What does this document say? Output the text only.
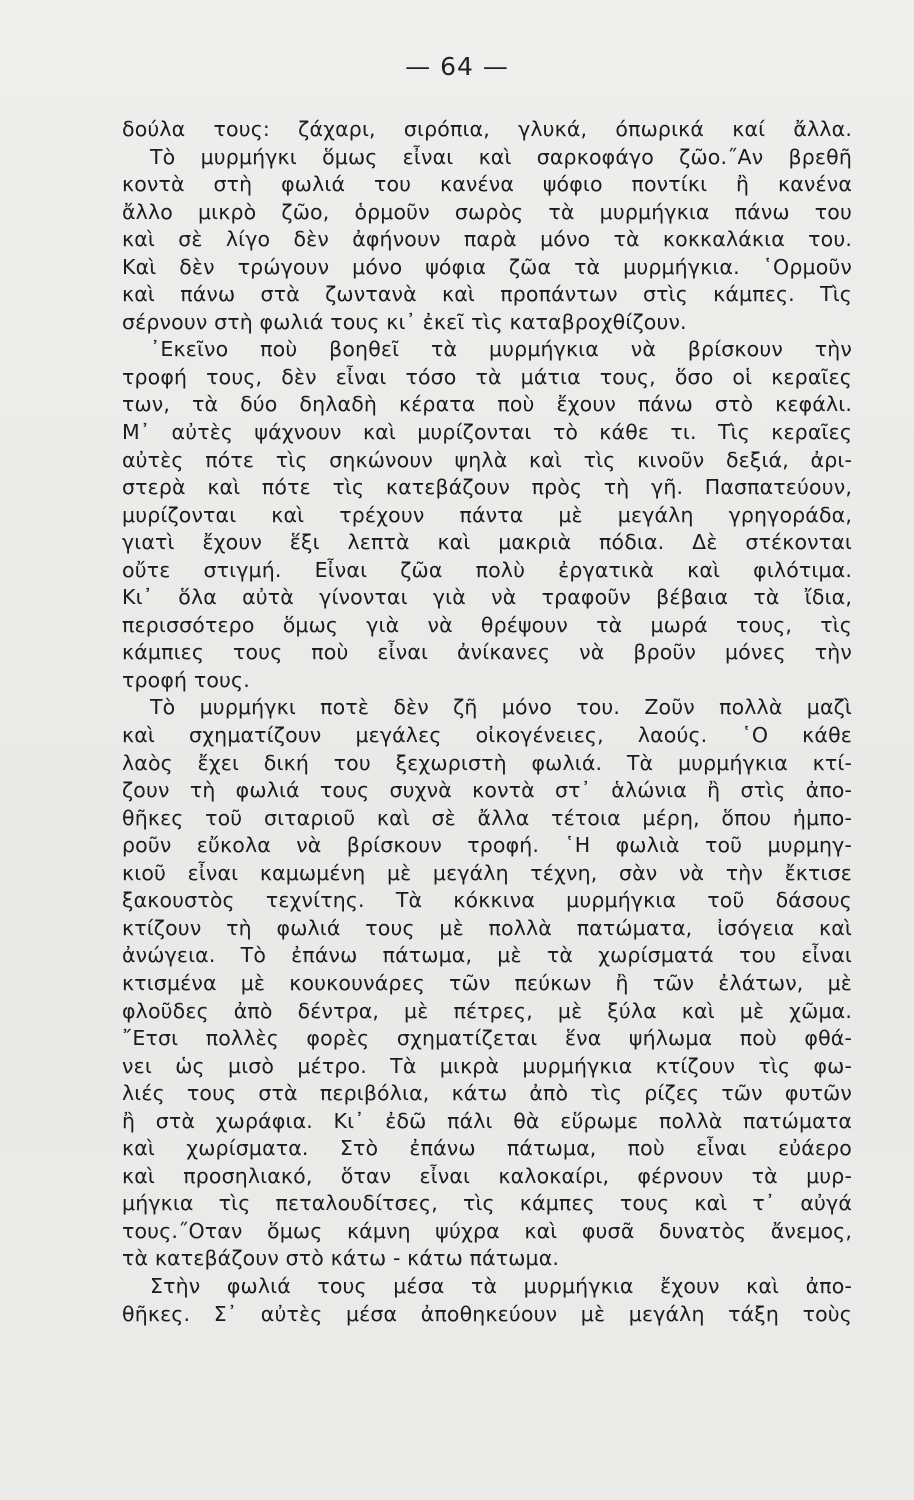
— 64 —
δούλα τους: ζάχαρι, σιρόπια, γλυκά, όπωρικά καί ἄλλα.
Τὸ μυρμήγκι ὅμως εἶναι καὶ σαρκοφάγο ζῶο.˝Αν βρεθῆ
κοντὰ στὴ φωλιά του κανένα ψόφιο ποντίκι ἢ κανένα
ἄλλο μικρὸ ζῶο, ὁρμοῦν σωρὸς τὰ μυρμήγκια πάνω του
καὶ σὲ λίγο δὲν ἀφήνουν παρὰ μόνο τὰ κοκκαλάκια του.
Καὶ δὲν τρώγουν μόνο ψόφια ζῶα τὰ μυρμήγκια. ῾Ορμοῦν
καὶ πάνω στὰ ζωντανὰ καὶ προπάντων στὶς κάμπες. Τὶς
σέρνουν στὴ φωλιά τους κι᾽ ἐκεῖ τὶς καταβροχθίζουν.
᾽Εκεῖνο ποὺ βοηθεῖ τὰ μυρμήγκια νὰ βρίσκουν τὴν
τροφή τους, δὲν εἶναι τόσο τὰ μάτια τους, ὅσο οἱ κεραῖες
των, τὰ δύο δηλαδὴ κέρατα ποὺ ἔχουν πάνω στὸ κεφάλι.
Μ᾽ αὐτὲς ψάχνουν καὶ μυρίζονται τὸ κάθε τι. Τὶς κεραῖες
αὐτὲς πότε τὶς σηκώνουν ψηλὰ καὶ τὶς κινοῦν δεξιά, ἀρι-
στερὰ καὶ πότε τὶς κατεβάζουν πρὸς τὴ γῆ. Πασπατεύουν,
μυρίζονται καὶ τρέχουν πάντα μὲ μεγάλη γρηγοράδα,
γιατὶ ἔχουν ἕξι λεπτὰ καὶ μακριὰ πόδια. Δὲ στέκονται
οὔτε στιγμή. Εἶναι ζῶα πολὺ ἐργατικὰ καὶ φιλότιμα.
Κι᾽ ὅλα αὐτὰ γίνονται γιὰ νὰ τραφοῦν βέβαια τὰ ἴδια,
περισσότερο ὅμως γιὰ νὰ θρέψουν τὰ μωρά τους, τὶς
κάμπιες τους ποὺ εἶναι ἀνίκανες νὰ βροῦν μόνες τὴν
τροφή τους.
Τὸ μυρμήγκι ποτὲ δὲν ζῆ μόνο του. Ζοῦν πολλὰ μαζὶ
καὶ σχηματίζουν μεγάλες οἰκογένειες, λαούς. ῾Ο κάθε
λαὸς ἔχει δική του ξεχωριστὴ φωλιά. Τὰ μυρμήγκια κτί-
ζουν τὴ φωλιά τους συχνὰ κοντὰ στ᾽ ἁλώνια ἢ στὶς ἀπο-
θῆκες τοῦ σιταριοῦ καὶ σὲ ἄλλα τέτοια μέρη, ὅπου ἠμπο-
ροῦν εὔκολα νὰ βρίσκουν τροφή. ῾Η φωλιὰ τοῦ μυρμηγ-
κιοῦ εἶναι καμωμένη μὲ μεγάλη τέχνη, σὰν νὰ τὴν ἔκτισε
ξακουστὸς τεχνίτης. Τὰ κόκκινα μυρμήγκια τοῦ δάσους
κτίζουν τὴ φωλιά τους μὲ πολλὰ πατώματα, ἰσόγεια καὶ
ἀνώγεια. Τὸ ἐπάνω πάτωμα, μὲ τὰ χωρίσματά του εἶναι
κτισμένα μὲ κουκουνάρες τῶν πεύκων ἢ τῶν ἐλάτων, μὲ
φλοῦδες ἀπὸ δέντρα, μὲ πέτρες, μὲ ξύλα καὶ μὲ χῶμα.
῎Ετσι πολλὲς φορὲς σχηματίζεται ἕνα ψήλωμα ποὺ φθά-
νει ὡς μισὸ μέτρο. Τὰ μικρὰ μυρμήγκια κτίζουν τὶς φω-
λιές τους στὰ περιβόλια, κάτω ἀπὸ τὶς ρίζες τῶν φυτῶν
ἢ στὰ χωράφια. Κι᾽ ἐδῶ πάλι θὰ εὕρωμε πολλὰ πατώματα
καὶ χωρίσματα. Στὸ ἐπάνω πάτωμα, ποὺ εἶναι εὐάερο
καὶ προσηλιακό, ὅταν εἶναι καλοκαίρι, φέρνουν τὰ μυρ-
μήγκια τὶς πεταλουδίτσες, τὶς κάμπες τους καὶ τ᾽ αὐγά
τους.˝Οταν ὅμως κάμνη ψύχρα καὶ φυσᾶ δυνατὸς ἄνεμος,
τὰ κατεβάζουν στὸ κάτω - κάτω πάτωμα.
Στὴν φωλιά τους μέσα τὰ μυρμήγκια ἔχουν καὶ ἀπο-
θῆκες. Σ᾽ αὐτὲς μέσα ἀποθηκεύουν μὲ μεγάλη τάξη τοὺς
